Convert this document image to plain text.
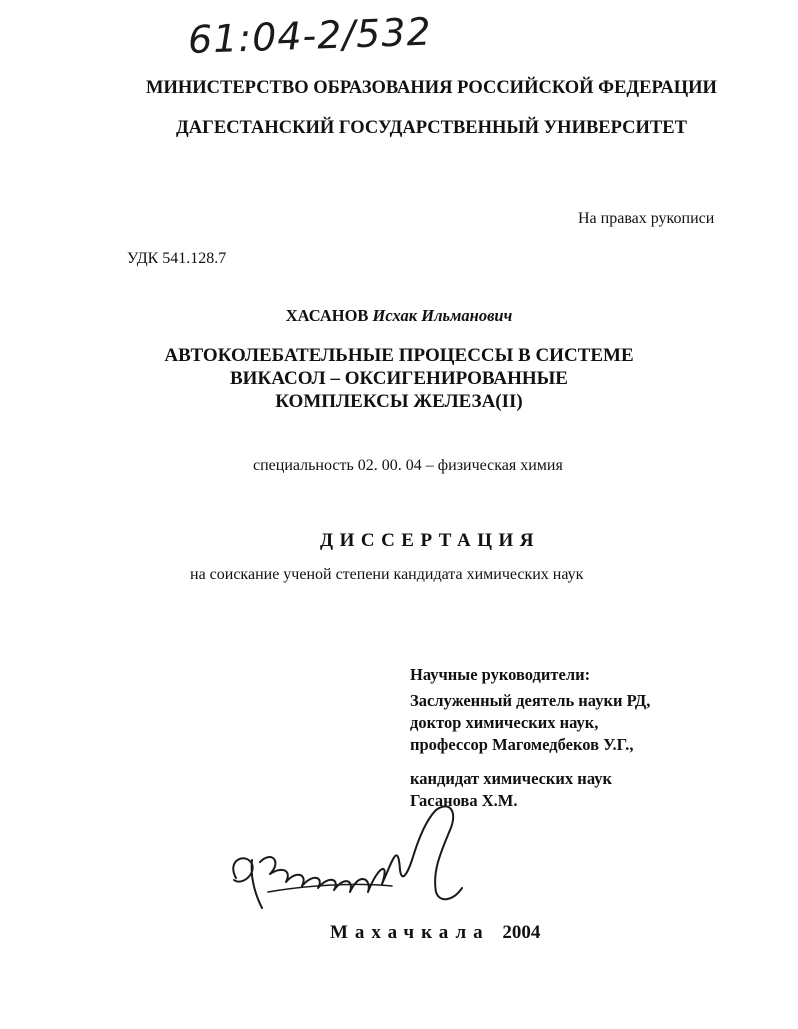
61:04-2/532
МИНИСТЕРСТВО ОБРАЗОВАНИЯ РОССИЙСКОЙ ФЕДЕРАЦИИ
ДАГЕСТАНСКИЙ ГОСУДАРСТВЕННЫЙ УНИВЕРСИТЕТ
На правах рукописи
УДК 541.128.7
ХАСАНОВ Исхак Ильманович
АВТОКОЛЕБАТЕЛЬНЫЕ ПРОЦЕССЫ В СИСТЕМЕ
ВИКАСОЛ – ОКСИГЕНИРОВАННЫЕ
КОМПЛЕКСЫ ЖЕЛЕЗА(II)
специальность 02. 00. 04 – физическая химия
ДИССЕРТАЦИЯ
на соискание ученой степени кандидата химических наук
Научные руководители:
Заслуженный деятель науки РД,
доктор химических наук,
профессор Магомедбеков У.Г.,
кандидат химических наук
Гасанова Х.М.
Махачкала 2004
